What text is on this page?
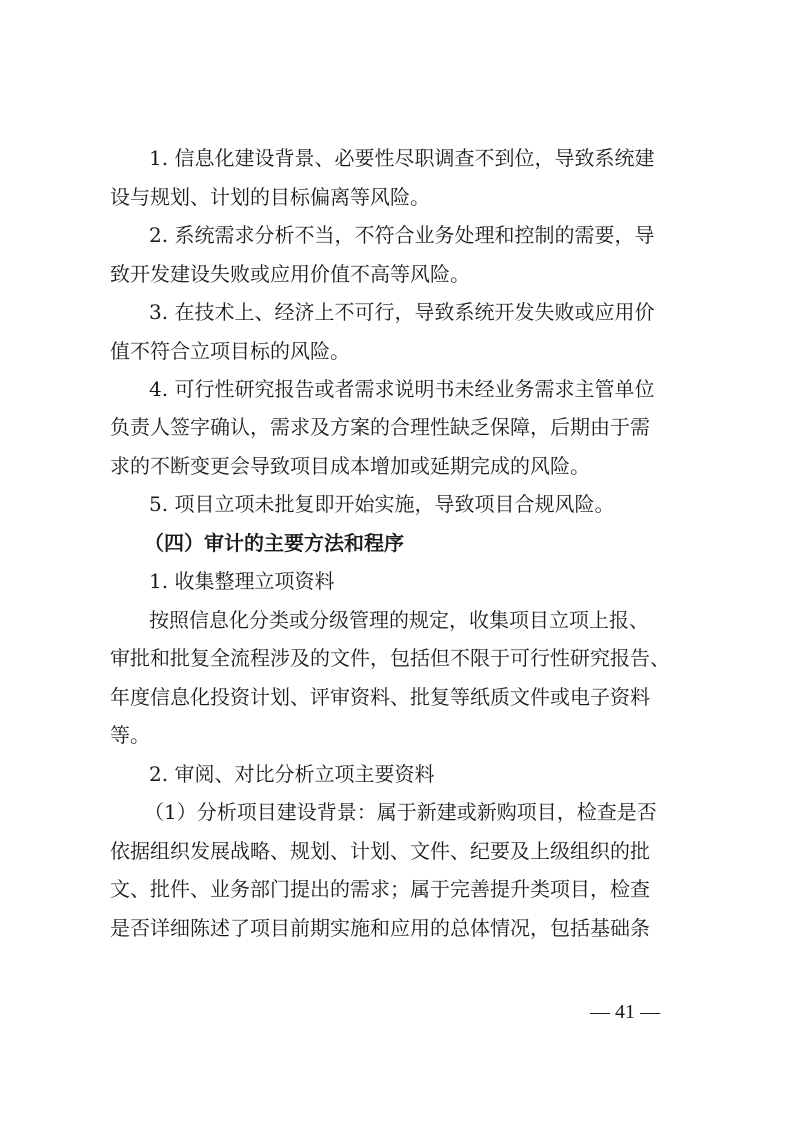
1. 信息化建设背景、必要性尽职调查不到位，导致系统建
设与规划、计划的目标偏离等风险。
2. 系统需求分析不当，不符合业务处理和控制的需要，导
致开发建设失败或应用价值不高等风险。
3. 在技术上、经济上不可行，导致系统开发失败或应用价
值不符合立项目标的风险。
4. 可行性研究报告或者需求说明书未经业务需求主管单位
负责人签字确认，需求及方案的合理性缺乏保障，后期由于需
求的不断变更会导致项目成本增加或延期完成的风险。
5. 项目立项未批复即开始实施，导致项目合规风险。
（四）审计的主要方法和程序
1. 收集整理立项资料
按照信息化分类或分级管理的规定，收集项目立项上报、
审批和批复全流程涉及的文件，包括但不限于可行性研究报告、
年度信息化投资计划、评审资料、批复等纸质文件或电子资料
等。
2. 审阅、对比分析立项主要资料
（1）分析项目建设背景：属于新建或新购项目，检查是否
依据组织发展战略、规划、计划、文件、纪要及上级组织的批
文、批件、业务部门提出的需求；属于完善提升类项目，检查
是否详细陈述了项目前期实施和应用的总体情况，包括基础条
— 41 —
